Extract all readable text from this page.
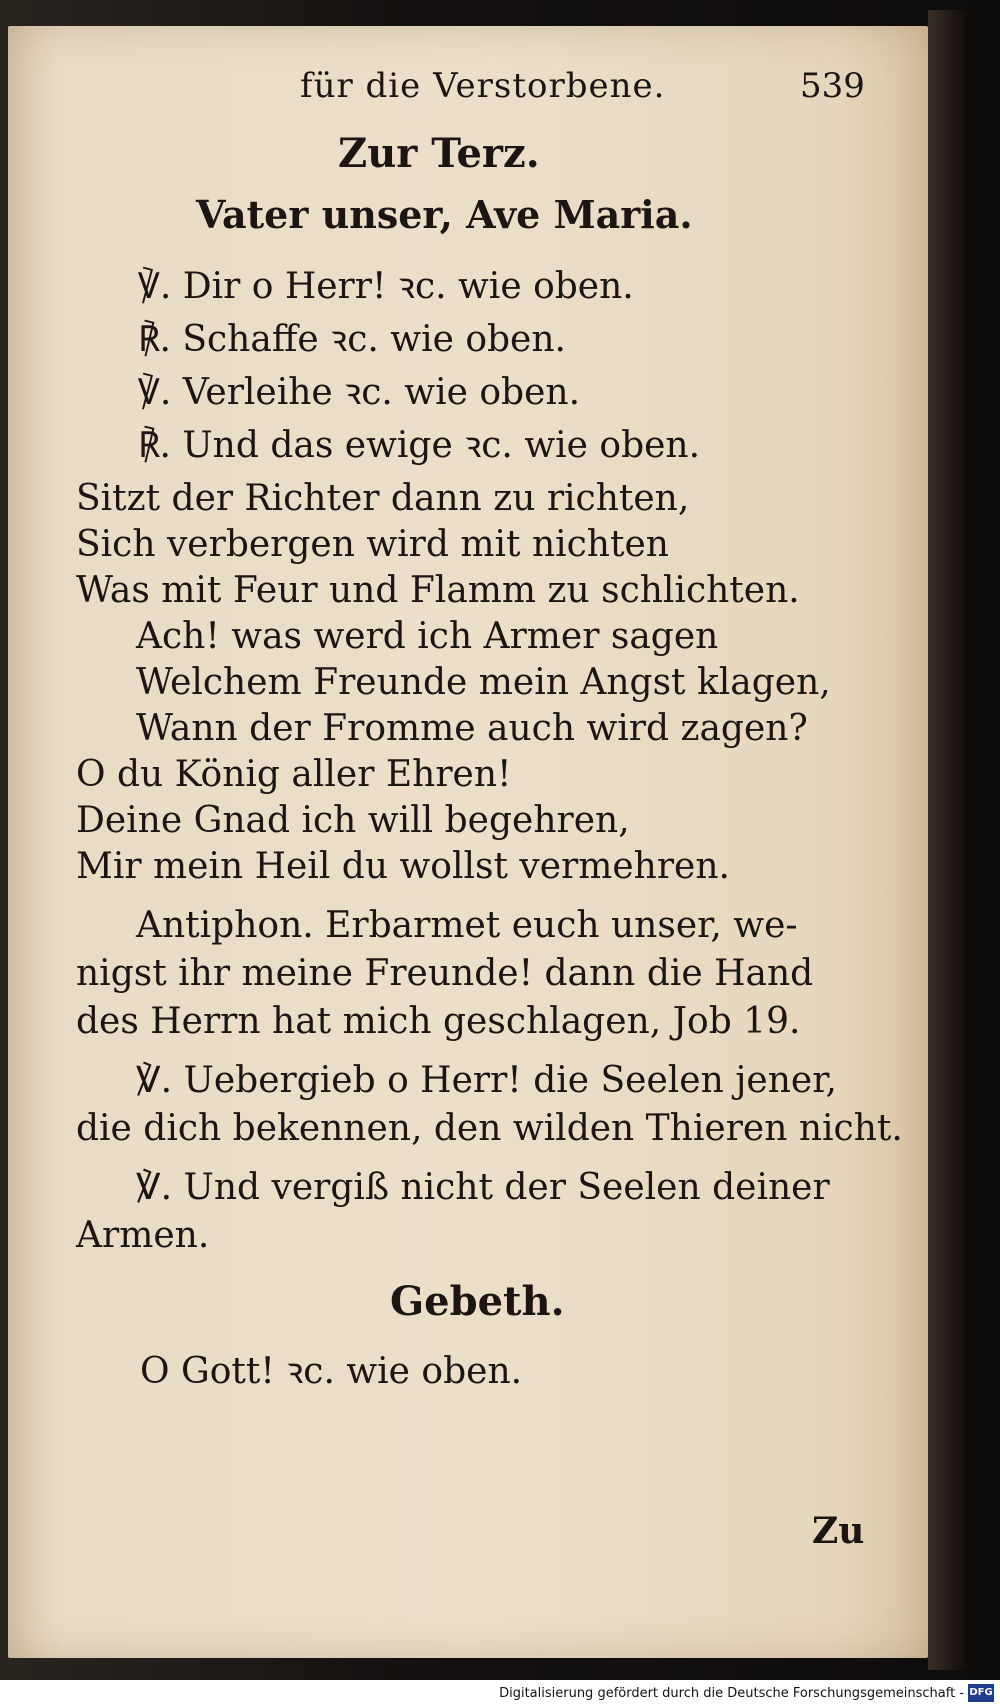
für die Verstorbene.	539
Zur Terz.
Vater unser, Ave Maria.
℣. Dir o Herr! ꝛc. wie oben.
℟. Schaffe ꝛc. wie oben.
℣. Verleihe ꝛc. wie oben.
℟. Und das ewige ꝛc. wie oben.
Sitzt der Richter dann zu richten,
Sich verbergen wird mit nichten
Was mit Feur und Flamm zu schlichten.
Ach! was werd ich Armer sagen
Welchem Freunde mein Angst klagen,
Wann der Fromme auch wird zagen?
O du König aller Ehren!
Deine Gnad ich will begehren,
Mir mein Heil du wollst vermehren.
Antiphon. Erbarmet euch unser, we-
nigst ihr meine Freunde! dann die Hand
des Herrn hat mich geschlagen, Job 19.
℣. Uebergieb o Herr! die Seelen jener,
die dich bekennen, den wilden Thieren nicht.
℣. Und vergiß nicht der Seelen deiner
Armen.
Gebeth.
O Gott! ꝛc. wie oben.
Zu
Digitalisierung gefördert durch die Deutsche Forschungsgemeinschaft - DFG
